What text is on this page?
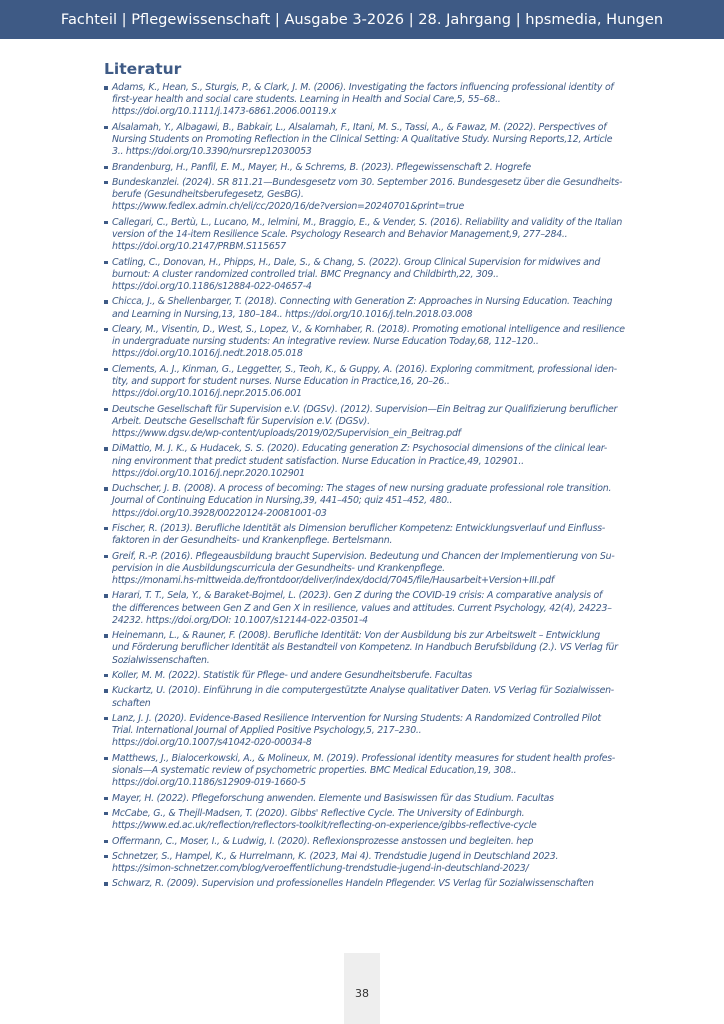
Fachteil | Pflegewissenschaft | Ausgabe 3-2026 | 28. Jahrgang | hpsmedia, Hungen
Literatur
Adams, K., Hean, S., Sturgis, P., & Clark, J. M. (2006). Investigating the factors influencing professional identity of
first-year health and social care students. Learning in Health and Social Care,5, 55–68..
https://doi.org/10.1111/j.1473-6861.2006.00119.x
Alsalamah, Y., Albagawi, B., Babkair, L., Alsalamah, F., Itani, M. S., Tassi, A., & Fawaz, M. (2022). Perspectives of
Nursing Students on Promoting Reflection in the Clinical Setting: A Qualitative Study. Nursing Reports,12, Article
3.. https://doi.org/10.3390/nursrep12030053
Brandenburg, H., Panfil, E. M., Mayer, H., & Schrems, B. (2023). Pflegewissenschaft 2. Hogrefe
Bundeskanzlei. (2024). SR 811.21—Bundesgesetz vom 30. September 2016. Bundesgesetz über die Gesundheits-
berufe (Gesundheitsberufegesetz, GesBG).
https://www.fedlex.admin.ch/eli/cc/2020/16/de?version=20240701&print=true
Callegari, C., Bertù, L., Lucano, M., Ielmini, M., Braggio, E., & Vender, S. (2016). Reliability and validity of the Italian
version of the 14-item Resilience Scale. Psychology Research and Behavior Management,9, 277–284..
https://doi.org/10.2147/PRBM.S115657
Catling, C., Donovan, H., Phipps, H., Dale, S., & Chang, S. (2022). Group Clinical Supervision for midwives and
burnout: A cluster randomized controlled trial. BMC Pregnancy and Childbirth,22, 309..
https://doi.org/10.1186/s12884-022-04657-4
Chicca, J., & Shellenbarger, T. (2018). Connecting with Generation Z: Approaches in Nursing Education. Teaching
and Learning in Nursing,13, 180–184.. https://doi.org/10.1016/j.teln.2018.03.008
Cleary, M., Visentin, D., West, S., Lopez, V., & Kornhaber, R. (2018). Promoting emotional intelligence and resilience
in undergraduate nursing students: An integrative review. Nurse Education Today,68, 112–120..
https://doi.org/10.1016/j.nedt.2018.05.018
Clements, A. J., Kinman, G., Leggetter, S., Teoh, K., & Guppy, A. (2016). Exploring commitment, professional iden-
tity, and support for student nurses. Nurse Education in Practice,16, 20–26..
https://doi.org/10.1016/j.nepr.2015.06.001
Deutsche Gesellschaft für Supervision e.V. (DGSv). (2012). Supervision—Ein Beitrag zur Qualifizierung beruflicher
Arbeit. Deutsche Gesellschaft für Supervision e.V. (DGSv).
https://www.dgsv.de/wp-content/uploads/2019/02/Supervision_ein_Beitrag.pdf
DiMattio, M. J. K., & Hudacek, S. S. (2020). Educating generation Z: Psychosocial dimensions of the clinical lear-
ning environment that predict student satisfaction. Nurse Education in Practice,49, 102901..
https://doi.org/10.1016/j.nepr.2020.102901
Duchscher, J. B. (2008). A process of becoming: The stages of new nursing graduate professional role transition.
Journal of Continuing Education in Nursing,39, 441–450; quiz 451–452, 480..
https://doi.org/10.3928/00220124-20081001-03
Fischer, R. (2013). Berufliche Identität als Dimension beruflicher Kompetenz: Entwicklungsverlauf und Einfluss-
faktoren in der Gesundheits- und Krankenpflege. Bertelsmann.
Greif, R.-P. (2016). Pflegeausbildung braucht Supervision. Bedeutung und Chancen der Implementierung von Su-
pervision in die Ausbildungscurricula der Gesundheits- und Krankenpflege.
https://monami.hs-mittweida.de/frontdoor/deliver/index/docId/7045/file/Hausarbeit+Version+III.pdf
Harari, T. T., Sela, Y., & Baraket-Bojmel, L. (2023). Gen Z during the COVID-19 crisis: A comparative analysis of
the differences between Gen Z and Gen X in resilience, values and attitudes. Current Psychology, 42(4), 24223–
24232. https://doi.org/DOI: 10.1007/s12144-022-03501-4
Heinemann, L., & Rauner, F. (2008). Berufliche Identität: Von der Ausbildung bis zur Arbeitswelt – Entwicklung
und Förderung beruflicher Identität als Bestandteil von Kompetenz. In Handbuch Berufsbildung (2.). VS Verlag für
Sozialwissenschaften.
Koller, M. M. (2022). Statistik für Pflege- und andere Gesundheitsberufe. Facultas
Kuckartz, U. (2010). Einführung in die computergestützte Analyse qualitativer Daten. VS Verlag für Sozialwissen-
schaften
Lanz, J. J. (2020). Evidence-Based Resilience Intervention for Nursing Students: A Randomized Controlled Pilot
Trial. International Journal of Applied Positive Psychology,5, 217–230..
https://doi.org/10.1007/s41042-020-00034-8
Matthews, J., Bialocerkowski, A., & Molineux, M. (2019). Professional identity measures for student health profes-
sionals—A systematic review of psychometric properties. BMC Medical Education,19, 308..
https://doi.org/10.1186/s12909-019-1660-5
Mayer, H. (2022). Pflegeforschung anwenden. Elemente und Basiswissen für das Studium. Facultas
McCabe, G., & Thejll-Madsen, T. (2020). Gibbs' Reflective Cycle. The University of Edinburgh.
https://www.ed.ac.uk/reflection/reflectors-toolkit/reflecting-on-experience/gibbs-reflective-cycle
Offermann, C., Moser, I., & Ludwig, I. (2020). Reflexionsprozesse anstossen und begleiten. hep
Schnetzer, S., Hampel, K., & Hurrelmann, K. (2023, Mai 4). Trendstudie Jugend in Deutschland 2023.
https://simon-schnetzer.com/blog/veroeffentlichung-trendstudie-jugend-in-deutschland-2023/
Schwarz, R. (2009). Supervision und professionelles Handeln Pflegender. VS Verlag für Sozialwissenschaften
38
